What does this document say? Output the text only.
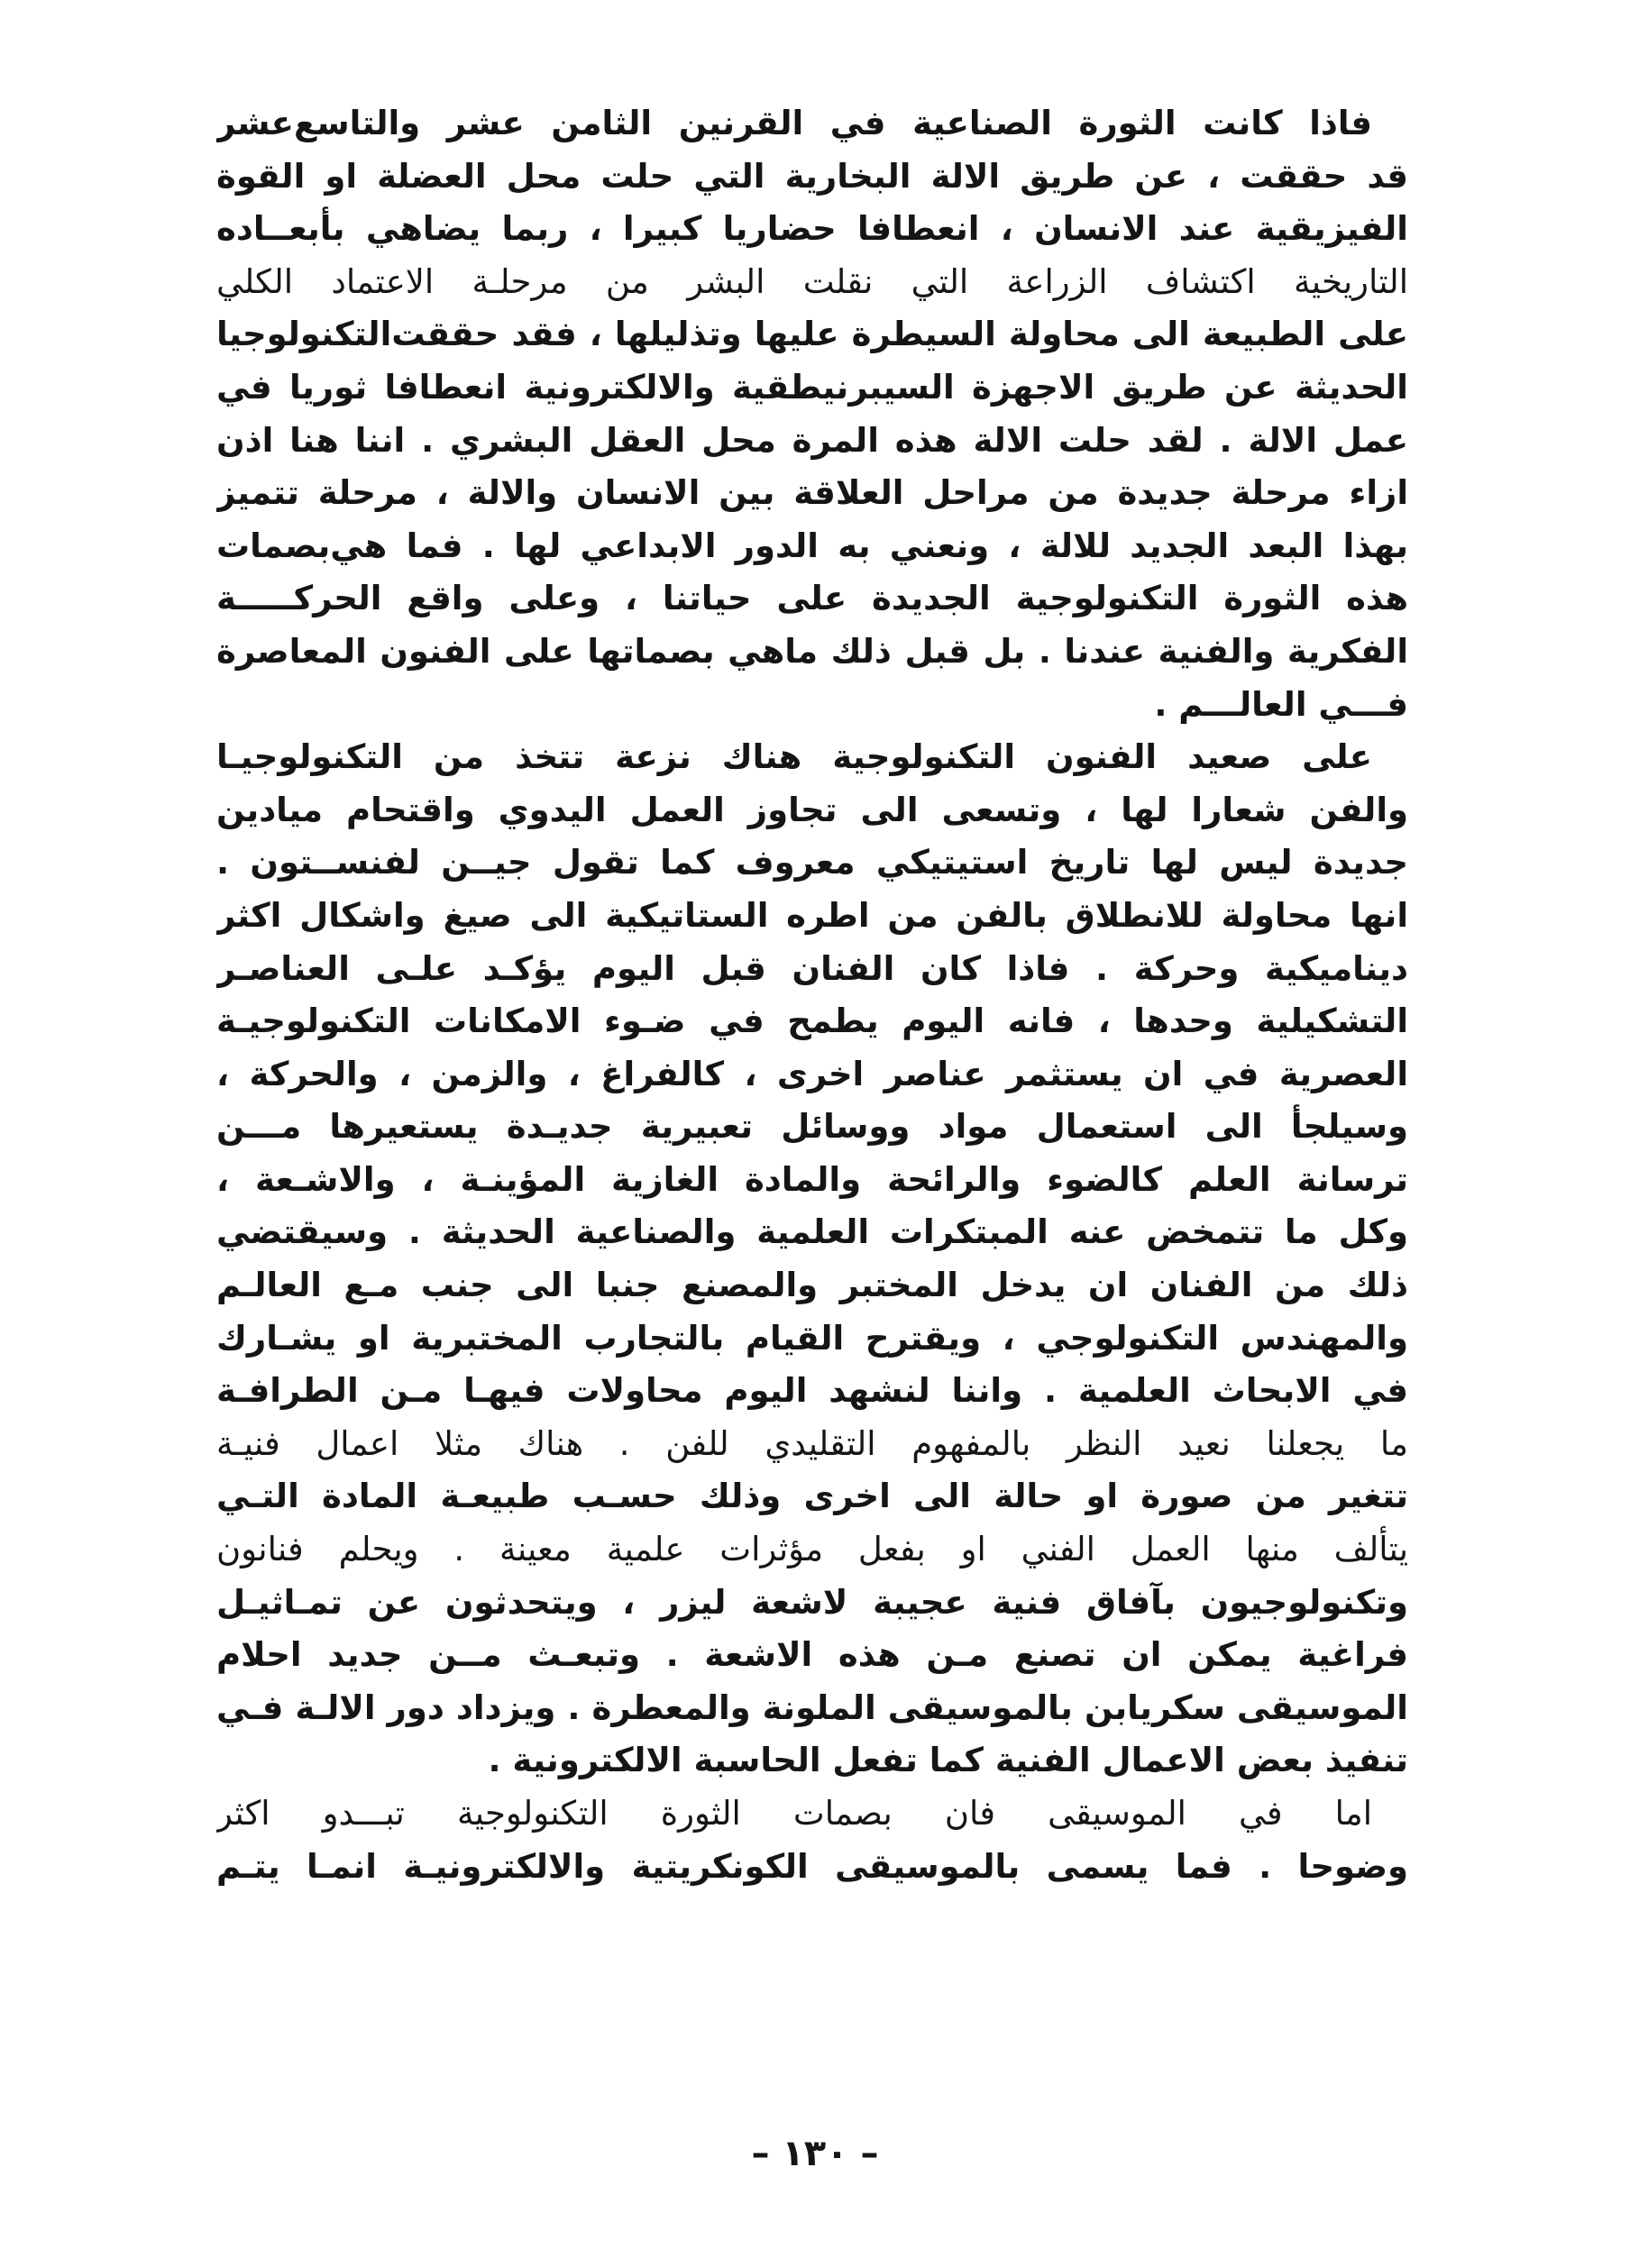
فاذا كانت الثورة الصناعية في القرنين الثامن عشر والتاسع‌عشر
قد حققت ، عن طريق الالة البخارية التي حلت محل العضلة او القوة
الفيزيقية عند الانسان ، انعطافا حضاريا كبيرا ، ربما يضاهي بأبعــاده
التاريخية اكتشاف الزراعة التي نقلت البشر من مرحلـة الاعتماد الكلي
على الطبيعة الى محاولة السيطرة عليها وتذليلها ، فقد حققت‌التكنولوجيا
الحديثة عن طريق الاجهزة السيبرنيطقية والالكترونية انعطافا ثوريا في
عمل الالة . لقد حلت الالة هذه المرة محل العقل البشري . اننا هنا اذن
ازاء مرحلة جديدة من مراحل العلاقة بين الانسان والالة ، مرحلة تتميز
بهذا البعد الجديد للالة ، ونعني به الدور الابداعي لها . فما هي‌بصمات
هذه الثورة التكنولوجية الجديدة على حياتنا ، وعلى واقع الحركـــــة
الفكرية والفنية عندنا . بل قبل ذلك ماهي بصماتها على الفنون المعاصرة
فـــي العالـــم .
على صعيد الفنون التكنولوجية هناك نزعة تتخذ من التكنولوجيـا
والفن شعارا لها ، وتسعى الى تجاوز العمل اليدوي واقتحام ميادين
جديدة ليس لها تاريخ استيتيكي معروف كما تقول جيــن لفنســتون .
انها محاولة للانطلاق بالفن من اطره الستاتيكية الى صيغ واشكال اكثر
ديناميكية وحركة . فاذا كان الفنان قبل اليوم يؤكـد علـى العناصـر
التشكيلية وحدها ، فانه اليوم يطمح في ضـوء الامكانات التكنولوجيـة
العصرية في ان يستثمر عناصر اخرى ، كالفراغ ، والزمن ، والحركة ،
وسيلجأ الى استعمال مواد ووسائل تعبيرية جديـدة يستعيرها مـــن
ترسانة العلم كالضوء والرائحة والمادة الغازية المؤينـة ، والاشـعة ،
وكل ما تتمخض عنه المبتكرات العلمية والصناعية الحديثة . وسيقتضي
ذلك من الفنان ان يدخل المختبر والمصنع جنبا الى جنب مـع العالـم
والمهندس التكنولوجي ، ويقترح القيام بالتجارب المختبرية او يشـارك
في الابحاث العلمية . واننا لنشهد اليوم محاولات فيهـا مـن الطرافـة
ما يجعلنا نعيد النظر بالمفهوم التقليدي للفن . هناك مثلا اعمال فنيـة
تتغير من صورة او حالة الى اخرى وذلك حسـب طبيعـة المادة التـي
يتألف منها العمل الفني او بفعل مؤثرات علمية معينة . ويحلم فنانون
وتكنولوجيون بآفاق فنية عجيبة لاشعة ليزر ، ويتحدثون عن تمـاثيـل
فراغية يمكن ان تصنع مـن هذه الاشعة . وتبعـث مــن جديد احلام
الموسيقى سكريابن بالموسيقى الملونة والمعطرة . ويزداد دور الالـة فـي
تنفيذ بعض الاعمال الفنية كما تفعل الحاسبة الالكترونية .
اما في الموسيقى فان بصمات الثورة التكنولوجية تبـــدو اكثر
وضوحا . فما يسمى بالموسيقى الكونكريتية والالكترونيـة انمـا يتـم
– ١٣٠ –
